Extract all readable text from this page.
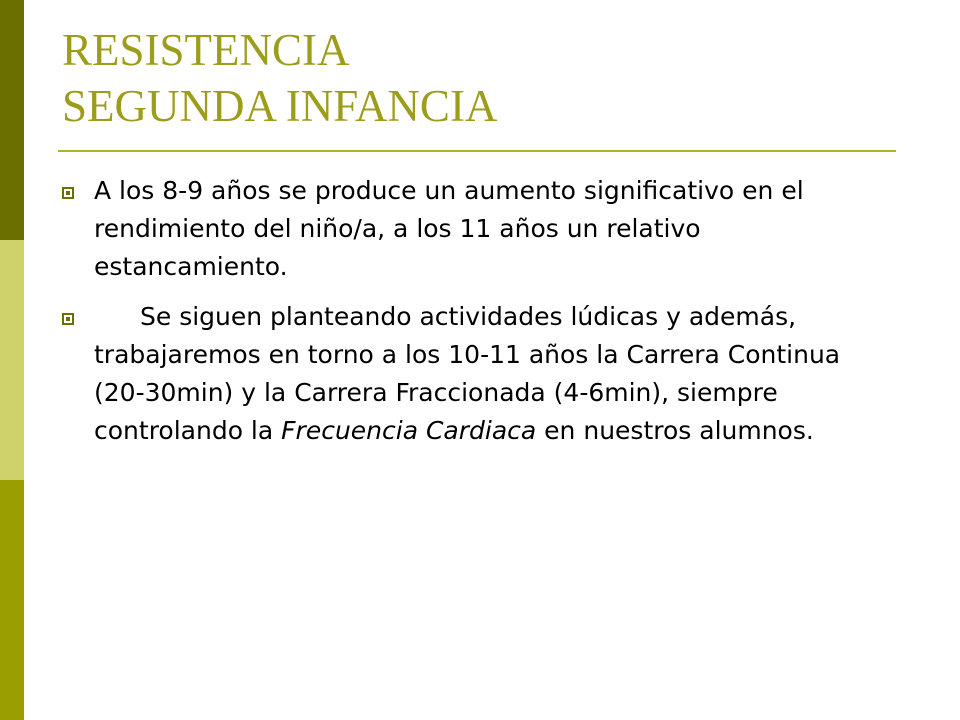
RESISTENCIA
SEGUNDA INFANCIA
A los 8-9 años se produce un aumento significativo en el rendimiento del niño/a, a los 11 años un relativo estancamiento.
Se siguen planteando actividades lúdicas y además, trabajaremos en torno a los 10-11 años la Carrera Continua (20-30min) y la Carrera Fraccionada (4-6min), siempre controlando la Frecuencia Cardiaca en nuestros alumnos.
